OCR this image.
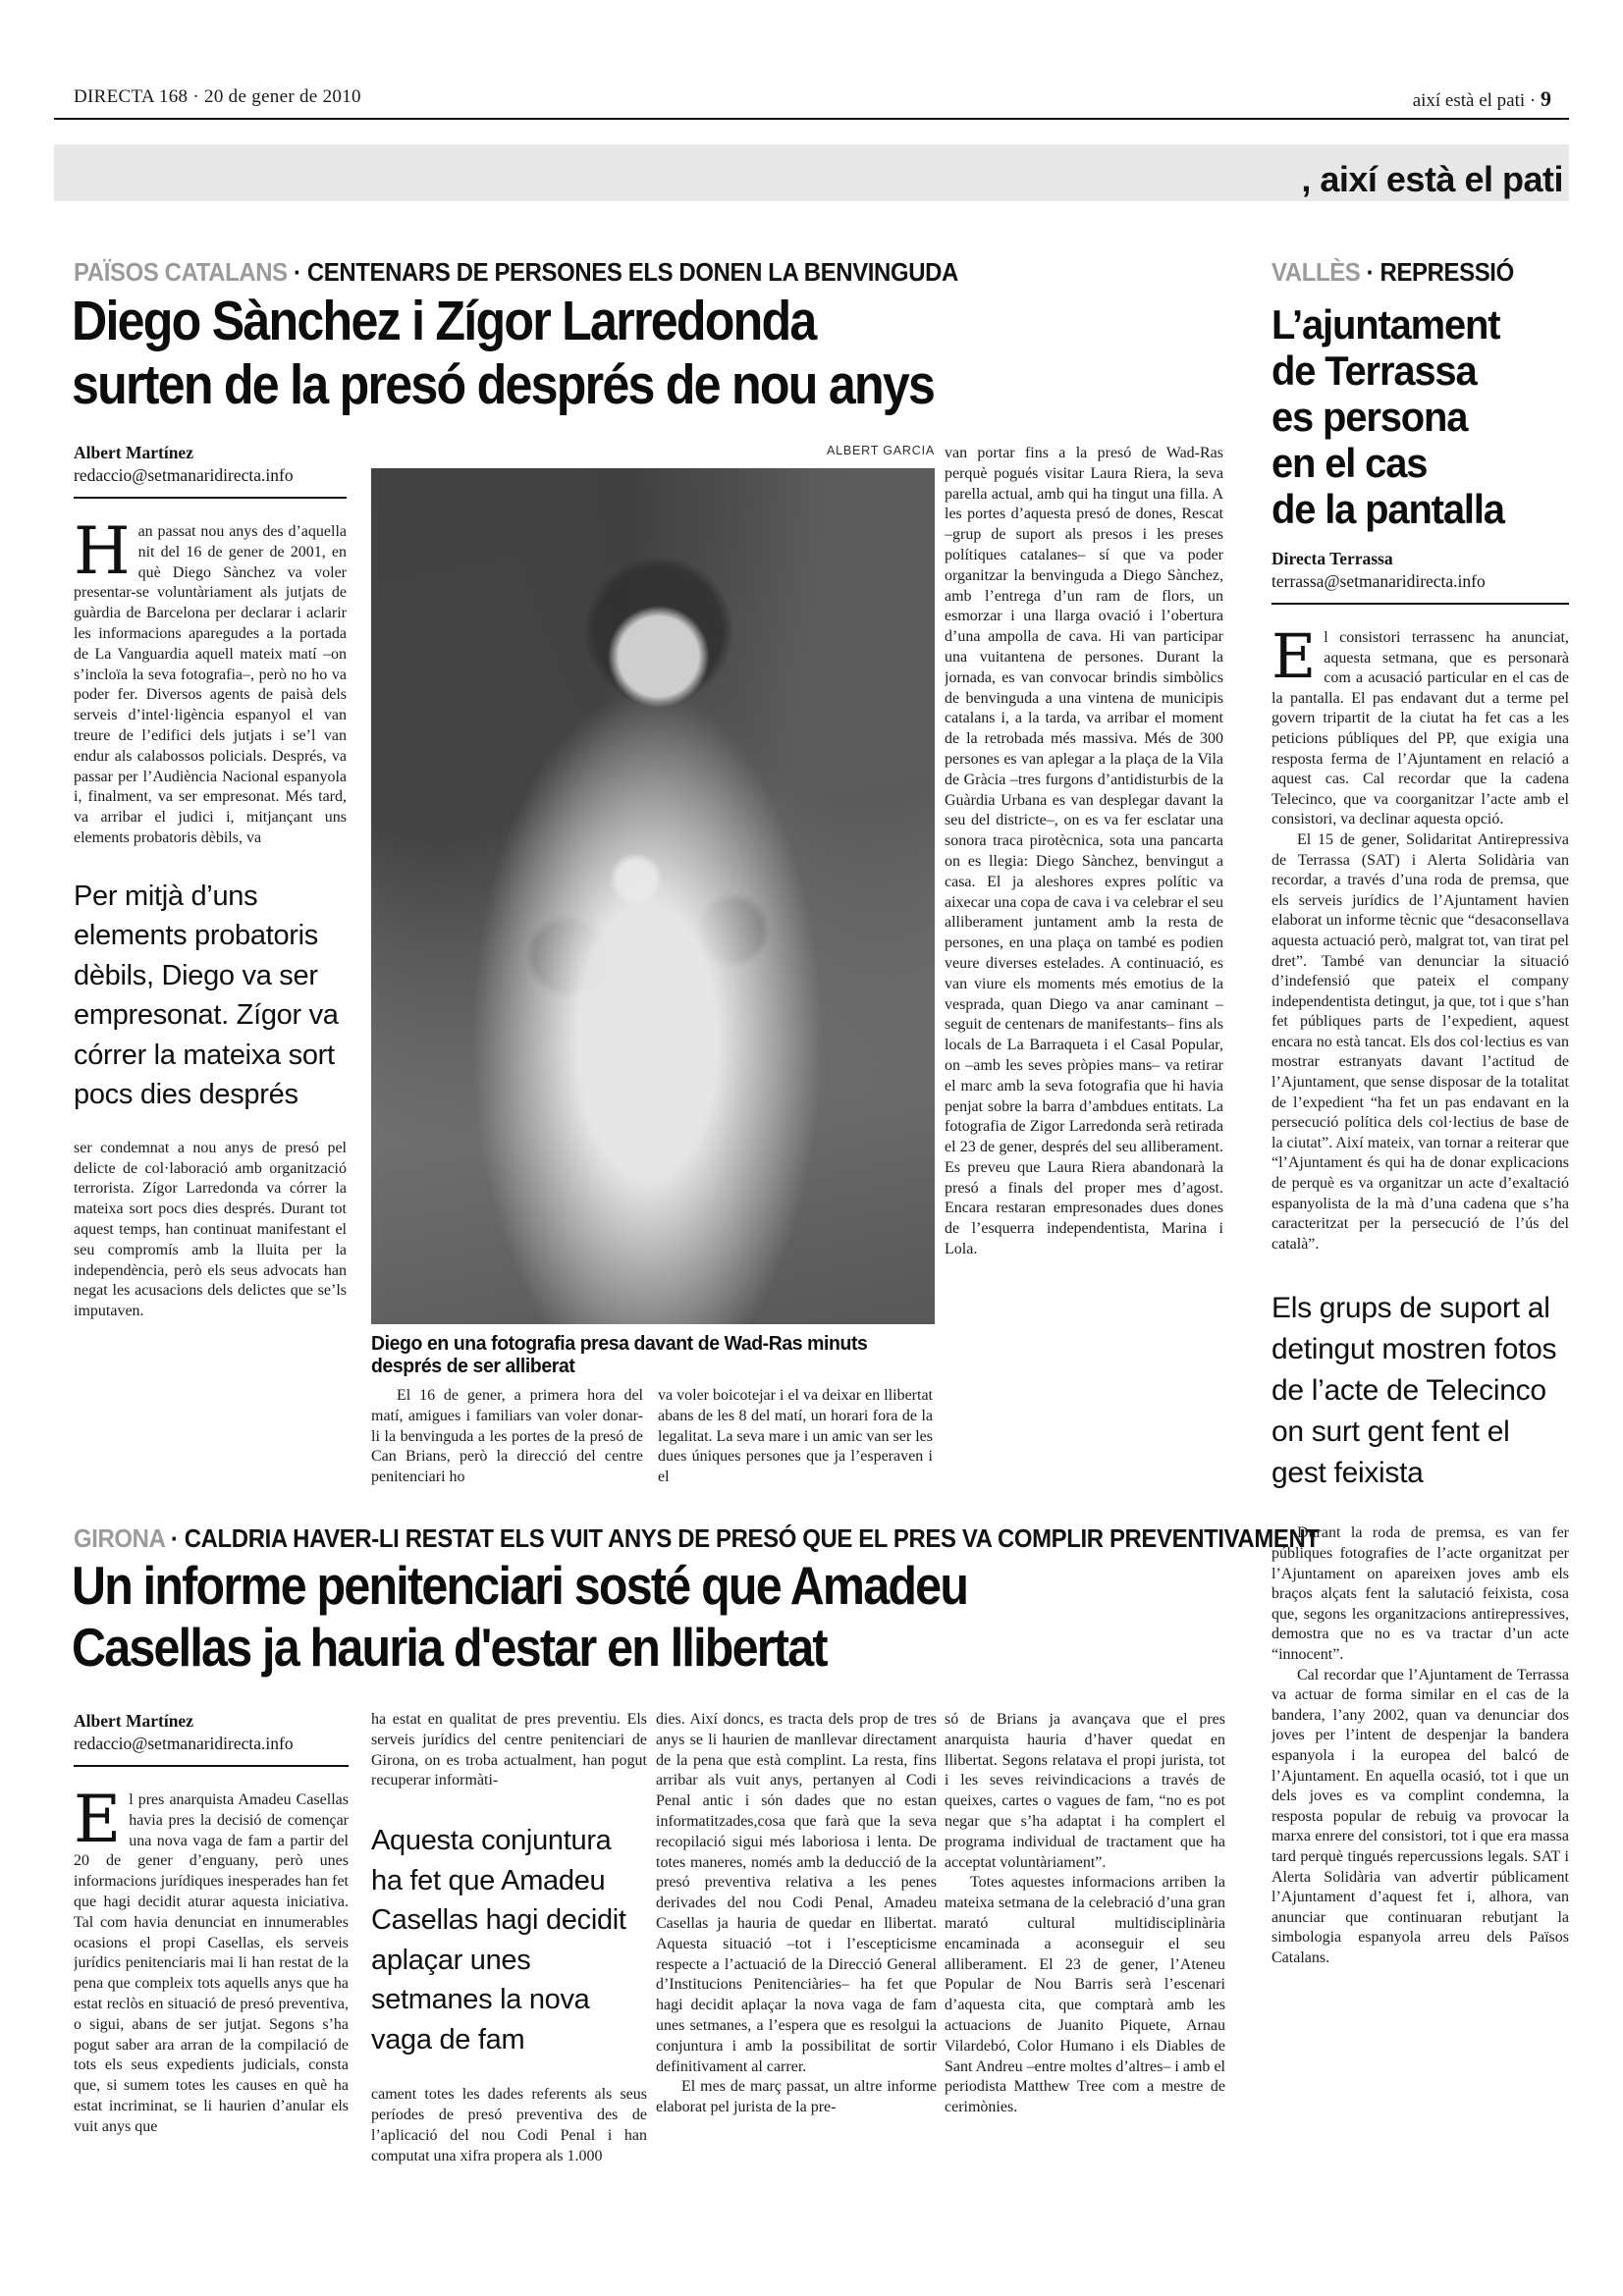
DIRECTA 168 · 20 de gener de 2010	així està el pati · 9
, així està el pati
PAÏSOS CATALANS · CENTENARS DE PERSONES ELS DONEN LA BENVINGUDA
Diego Sànchez i Zígor Larredonda
surten de la presó després de nou anys
Albert Martínez
redaccio@setmanaridirecta.info

Han passat nou anys des d’aquella nit del 16 de gener de 2001, en què Diego Sànchez va voler presentar-se voluntàriament als jutjats de guàrdia de Barcelona per declarar i aclarir les informacions aparegudes a la portada de La Vanguardia aquell mateix matí –on s’incloïa la seva fotografia–, però no ho va poder fer. Diversos agents de paisà dels serveis d’intel·ligència espanyol el van treure de l’edifici dels jutjats i se’l van endur als calabossos policials. Després, va passar per l’Audiència Nacional espanyola i, finalment, va ser empresonat. Més tard, va arribar el judici i, mitjançant uns elements probatoris dèbils, va

Per mitjà d’uns elements probatoris dèbils, Diego va ser empresonat. Zígor va córrer la mateixa sort pocs dies després

ser condemnat a nou anys de presó pel delicte de col·laboració amb organització terrorista. Zígor Larredonda va córrer la mateixa sort pocs dies després. Durant tot aquest temps, han continuat manifestant el seu compromís amb la lluita per la independència, però els seus advocats han negat les acusacions dels delictes que se’ls imputaven.

ALBERT GARCIA
Diego en una fotografia presa davant de Wad-Ras minuts després de ser alliberat

El 16 de gener, a primera hora del matí, amigues i familiars van voler donar-li la benvinguda a les portes de la presó de Can Brians, però la direcció del centre penitenciari ho

va voler boicotejar i el va deixar en llibertat abans de les 8 del matí, un horari fora de la legalitat. La seva mare i un amic van ser les dues úniques persones que ja l’esperaven i el

van portar fins a la presó de Wad-Ras perquè pogués visitar Laura Riera, la seva parella actual, amb qui ha tingut una filla. A les portes d’aquesta presó de dones, Rescat –grup de suport als presos i les preses polítiques catalanes– sí que va poder organitzar la benvinguda a Diego Sànchez, amb l’entrega d’un ram de flors, un esmorzar i una llarga ovació i l’obertura d’una ampolla de cava. Hi van participar una vuitantena de persones. Durant la jornada, es van convocar brindis simbòlics de benvinguda a una vintena de municipis catalans i, a la tarda, va arribar el moment de la retrobada més massiva. Més de 300 persones es van aplegar a la plaça de la Vila de Gràcia –tres furgons d’antidisturbis de la Guàrdia Urbana es van desplegar davant la seu del districte–, on es va fer esclatar una sonora traca pirotècnica, sota una pancarta on es llegia: Diego Sànchez, benvingut a casa. El ja aleshores expres polític va aixecar una copa de cava i va celebrar el seu alliberament juntament amb la resta de persones, en una plaça on també es podien veure diverses estelades. A continuació, es van viure els moments més emotius de la vesprada, quan Diego va anar caminant –seguit de centenars de manifestants– fins als locals de La Barraqueta i el Casal Popular, on –amb les seves pròpies mans– va retirar el marc amb la seva fotografia que hi havia penjat sobre la barra d’ambdues entitats. La fotografia de Zigor Larredonda serà retirada el 23 de gener, després del seu alliberament. Es preveu que Laura Riera abandonarà la presó a finals del proper mes d’agost. Encara restaran empresonades dues dones de l’esquerra independentista, Marina i Lola.

GIRONA · CALDRIA HAVER-LI RESTAT ELS VUIT ANYS DE PRESÓ QUE EL PRES VA COMPLIR PREVENTIVAMENT
Un informe penitenciari sosté que Amadeu
Casellas ja hauria d'estar en llibertat
Albert Martínez
redaccio@setmanaridirecta.info

El pres anarquista Amadeu Casellas havia pres la decisió de començar una nova vaga de fam a partir del 20 de gener d’enguany, però unes informacions jurídiques inesperades han fet que hagi decidit aturar aquesta iniciativa. Tal com havia denunciat en innumerables ocasions el propi Casellas, els serveis jurídics penitenciaris mai li han restat de la pena que compleix tots aquells anys que ha estat reclòs en situació de presó preventiva, o sigui, abans de ser jutjat. Segons s’ha pogut saber ara arran de la compilació de tots els seus expedients judicials, consta que, si sumem totes les causes en què ha estat incriminat, se li haurien d’anular els vuit anys que

ha estat en qualitat de pres preventiu. Els serveis jurídics del centre penitenciari de Girona, on es troba actualment, han pogut recuperar informàti-

Aquesta conjuntura ha fet que Amadeu Casellas hagi decidit aplaçar unes setmanes la nova vaga de fam

cament totes les dades referents als seus períodes de presó preventiva des de l’aplicació del nou Codi Penal i han computat una xifra propera als 1.000

dies. Així doncs, es tracta dels prop de tres anys se li haurien de manllevar directament de la pena que està complint. La resta, fins arribar als vuit anys, pertanyen al Codi Penal antic i són dades que no estan informatitzades,cosa que farà que la seva recopilació sigui més laboriosa i lenta. De totes maneres, només amb la deducció de la presó preventiva relativa a les penes derivades del nou Codi Penal, Amadeu Casellas ja hauria de quedar en llibertat. Aquesta situació –tot i l’escepticisme respecte a l’actuació de la Direcció General d’Institucions Penitenciàries– ha fet que hagi decidit aplaçar la nova vaga de fam unes setmanes, a l’espera que es resolgui la conjuntura i amb la possibilitat de sortir definitivament al carrer.

El mes de març passat, un altre informe elaborat pel jurista de la pre-

só de Brians ja avançava que el pres anarquista hauria d’haver quedat en llibertat. Segons relatava el propi jurista, tot i les seves reivindicacions a través de queixes, cartes o vagues de fam, “no es pot negar que s’ha adaptat i ha complert el programa individual de tractament que ha acceptat voluntàriament”.

Totes aquestes informacions arriben la mateixa setmana de la celebració d’una gran marató cultural multidisciplinària encaminada a aconseguir el seu alliberament. El 23 de gener, l’Ateneu Popular de Nou Barris serà l’escenari d’aquesta cita, que comptarà amb les actuacions de Juanito Piquete, Arnau Vilardebó, Color Humano i els Diables de Sant Andreu –entre moltes d’altres– i amb el periodista Matthew Tree com a mestre de cerimònies.

VALLÈS · REPRESSIÓ
L’ajuntament
de Terrassa
es persona
en el cas
de la pantalla
Directa Terrassa
terrassa@setmanaridirecta.info

El consistori terrassenc ha anunciat, aquesta setmana, que es personarà com a acusació particular en el cas de la pantalla. El pas endavant dut a terme pel govern tripartit de la ciutat ha fet cas a les peticions públiques del PP, que exigia una resposta ferma de l’Ajuntament en relació a aquest cas. Cal recordar que la cadena Telecinco, que va coorganitzar l’acte amb el consistori, va declinar aquesta opció.

El 15 de gener, Solidaritat Antirepressiva de Terrassa (SAT) i Alerta Solidària van recordar, a través d’una roda de premsa, que els serveis jurídics de l’Ajuntament havien elaborat un informe tècnic que “desaconsellava aquesta actuació però, malgrat tot, van tirat pel dret”. També van denunciar la situació d’indefensió que pateix el company independentista detingut, ja que, tot i que s’han fet públiques parts de l’expedient, aquest encara no està tancat. Els dos col·lectius es van mostrar estranyats davant l’actitud de l’Ajuntament, que sense disposar de la totalitat de l’expedient “ha fet un pas endavant en la persecució política dels col·lectius de base de la ciutat”. Així mateix, van tornar a reiterar que “l’Ajuntament és qui ha de donar explicacions de perquè es va organitzar un acte d’exaltació espanyolista de la mà d’una cadena que s’ha caracteritzat per la persecució de l’ús del català”.

Els grups de suport al detingut mostren fotos de l’acte de Telecinco on surt gent fent el gest feixista

Durant la roda de premsa, es van fer públiques fotografies de l’acte organitzat per l’Ajuntament on apareixen joves amb els braços alçats fent la salutació feixista, cosa que, segons les organitzacions antirepressives, demostra que no es va tractar d’un acte “innocent”.

Cal recordar que l’Ajuntament de Terrassa va actuar de forma similar en el cas de la bandera, l’any 2002, quan va denunciar dos joves per l’intent de despenjar la bandera espanyola i la europea del balcó de l’Ajuntament. En aquella ocasió, tot i que un dels joves es va complint condemna, la resposta popular de rebuig va provocar la marxa enrere del consistori, tot i que era massa tard perquè tingués repercussions legals. SAT i Alerta Solidària van advertir públicament l’Ajuntament d’aquest fet i, alhora, van anunciar que continuaran rebutjant la simbologia espanyola arreu dels Països Catalans.
